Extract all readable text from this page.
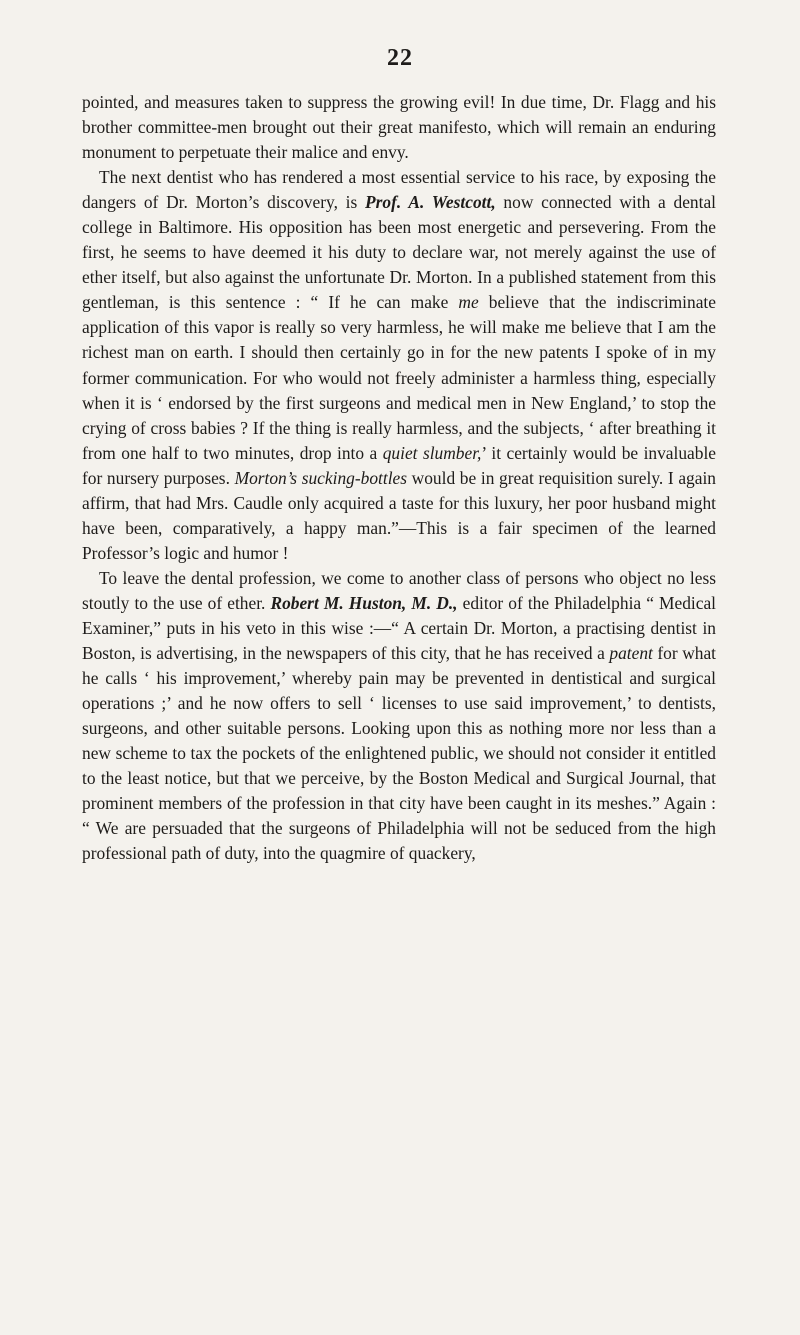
22

pointed, and measures taken to suppress the growing evil! In due time, Dr. Flagg and his brother committee-men brought out their great manifesto, which will remain an enduring monument to perpetuate their malice and envy.

The next dentist who has rendered a most essential service to his race, by exposing the dangers of Dr. Morton’s discovery, is Prof. A. Westcott, now connected with a dental college in Baltimore. His opposition has been most energetic and persevering. From the first, he seems to have deemed it his duty to declare war, not merely against the use of ether itself, but also against the unfortunate Dr. Morton. In a published statement from this gentleman, is this sentence : “ If he can make me believe that the indiscriminate application of this vapor is really so very harmless, he will make me believe that I am the richest man on earth. I should then certainly go in for the new patents I spoke of in my former communication. For who would not freely administer a harmless thing, especially when it is ‘ endorsed by the first surgeons and medical men in New England,’ to stop the crying of cross babies ? If the thing is really harmless, and the subjects, ‘ after breathing it from one half to two minutes, drop into a quiet slumber,’ it certainly would be invaluable for nursery purposes. Morton’s sucking-bottles would be in great requisition surely. I again affirm, that had Mrs. Caudle only acquired a taste for this luxury, her poor husband might have been, comparatively, a happy man.”—This is a fair specimen of the learned Professor’s logic and humor !

To leave the dental profession, we come to another class of persons who object no less stoutly to the use of ether. Robert M. Huston, M. D., editor of the Philadelphia “ Medical Examiner,” puts in his veto in this wise :—“ A certain Dr. Morton, a practising dentist in Boston, is advertising, in the newspapers of this city, that he has received a patent for what he calls ‘ his improvement,’ whereby pain may be prevented in dentistical and surgical operations ;’ and he now offers to sell ‘ licenses to use said improvement,’ to dentists, surgeons, and other suitable persons. Looking upon this as nothing more nor less than a new scheme to tax the pockets of the enlightened public, we should not consider it entitled to the least notice, but that we perceive, by the Boston Medical and Surgical Journal, that prominent members of the profession in that city have been caught in its meshes.” Again : “ We are persuaded that the surgeons of Philadelphia will not be seduced from the high professional path of duty, into the quagmire of quackery,
